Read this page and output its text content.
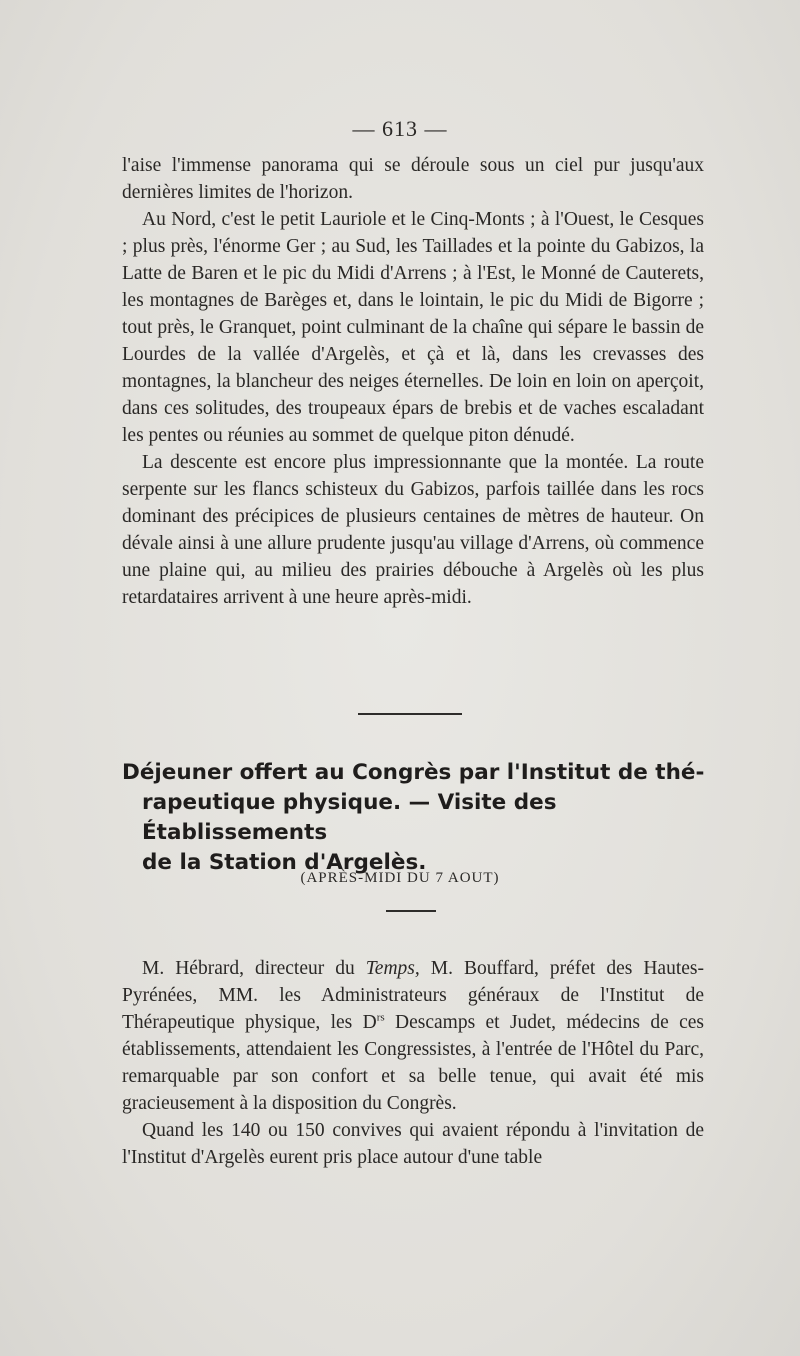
— 613 —

l'aise l'immense panorama qui se déroule sous un ciel pur jusqu'aux dernières limites de l'horizon.

Au Nord, c'est le petit Lauriole et le Cinq-Monts ; à l'Ouest, le Cesques ; plus près, l'énorme Ger ; au Sud, les Taillades et la pointe du Gabizos, la Latte de Baren et le pic du Midi d'Arrens ; à l'Est, le Monné de Cauterets, les montagnes de Barèges et, dans le lointain, le pic du Midi de Bigorre ; tout près, le Granquet, point culminant de la chaîne qui sépare le bassin de Lourdes de la vallée d'Argelès, et çà et là, dans les crevasses des montagnes, la blancheur des neiges éternelles. De loin en loin on aperçoit, dans ces solitudes, des troupeaux épars de brebis et de vaches escaladant les pentes ou réunies au sommet de quelque piton dénudé.

La descente est encore plus impressionnante que la montée. La route serpente sur les flancs schisteux du Gabizos, parfois taillée dans les rocs dominant des précipices de plusieurs centaines de mètres de hauteur. On dévale ainsi à une allure prudente jusqu'au village d'Arrens, où commence une plaine qui, au milieu des prairies débouche à Argelès où les plus retardataires arrivent à une heure après-midi.

Déjeuner offert au Congrès par l'Institut de thé-
rapeutique physique. — Visite des Établissements
de la Station d'Argelès.
(APRÈS-MIDI DU 7 AOUT)

M. Hébrard, directeur du Temps, M. Bouffard, préfet des Hautes-Pyrénées, MM. les Administrateurs généraux de l'Institut de Thérapeutique physique, les $D^{rs}$ Descamps et Judet, médecins de ces établissements, attendaient les Congressistes, à l'entrée de l'Hôtel du Parc, remarquable par son confort et sa belle tenue, qui avait été mis gracieusement à la disposition du Congrès.

Quand les 140 ou 150 convives qui avaient répondu à l'invitation de l'Institut d'Argelès eurent pris place autour d'une table
